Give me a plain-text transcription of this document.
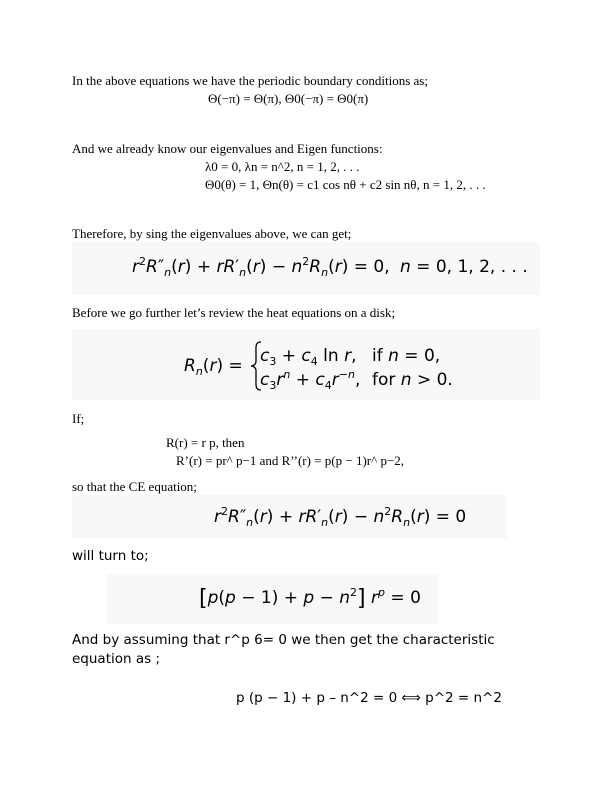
In the above equations we have the periodic boundary conditions as;
Θ(−π) = Θ(π), Θ0(−π) = Θ0(π)
And we already know our eigenvalues and Eigen functions:
λ0 = 0, λn = n^2, n = 1, 2, . . .
Θ0(θ) = 1, Θn(θ) = c1 cos nθ + c2 sin nθ, n = 1, 2, . . .
Therefore, by sing the eigenvalues above, we can get;
$r^2R''_n(r) + rR'_n(r) - n^2R_n(r) = 0$, n = 0, 1, 2, . . .
Before we go further let’s review the heat equations on a disk;
$R_n(r) = c_3 + c_4$ ln r, if n = 0,
$c_3r^n + c_4r^{-n}$, for n > 0.
If;
R(r) = r p, then
R’(r) = pr^ p−1 and R’’(r) = p(p − 1)r^ p−2,
so that the CE equation;
$r^2R''_n(r) + rR'_n(r) - n^2R_n(r) = 0$
will turn to;
$[p(p - 1) + p - n^2]$ $r^p = 0$
And by assuming that r^p 6= 0 we then get the characteristic
equation as ;
p (p − 1) + p – n^2 = 0 ⟺ p^2 = n^2
